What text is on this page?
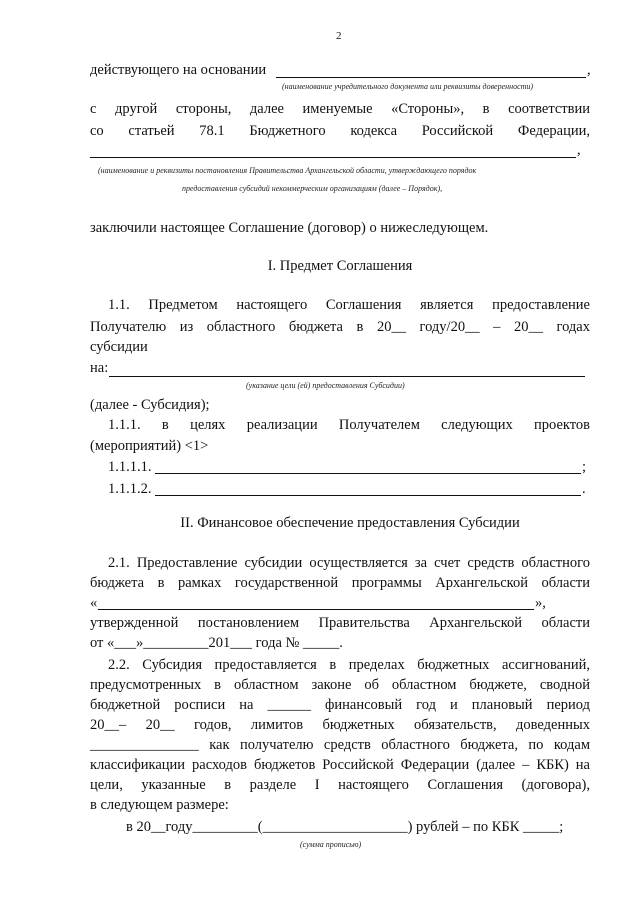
2
действующего на основании	,
(наименование учредительного документа или реквизиты доверенности)
с другой стороны, далее именуемые «Стороны», в соответствии
со статьей 78.1 Бюджетного кодекса Российской Федерации,
,
(наименование и реквизиты постановления Правительства Архангельской области, утверждающего порядок
предоставления субсидий некоммерческим организациям (далее – Порядок),
заключили настоящее Соглашение (договор) о нижеследующем.
I. Предмет Соглашения
1.1. Предметом настоящего Соглашения является предоставление
Получателю из областного бюджета в 20__ году/20__ – 20__ годах
субсидии
на:
(указание цели (ей) предоставления Субсидии)
(далее - Субсидия);
1.1.1. в целях реализации Получателем следующих проектов
(мероприятий) <1>
1.1.1.1.	;
1.1.1.2.	.
II. Финансовое обеспечение предоставления Субсидии
2.1. Предоставление субсидии осуществляется за счет средств областного
бюджета в рамках государственной программы Архангельской области
«	»,
утвержденной постановлением Правительства Архангельской области
от «___»_________201___ года № _____.
2.2. Субсидия предоставляется в пределах бюджетных ассигнований,
предусмотренных в областном законе об областном бюджете, сводной
бюджетной росписи на ______ финансовый год и плановый период
20__– 20__ годов, лимитов бюджетных обязательств, доведенных
_______________ как получателю средств областного бюджета, по кодам
классификации расходов бюджетов Российской Федерации (далее – КБК) на
цели, указанные в разделе I настоящего Соглашения (договора),
в следующем размере:
в 20__году_________(____________________) рублей – по КБК _____;
(сумма прописью)
